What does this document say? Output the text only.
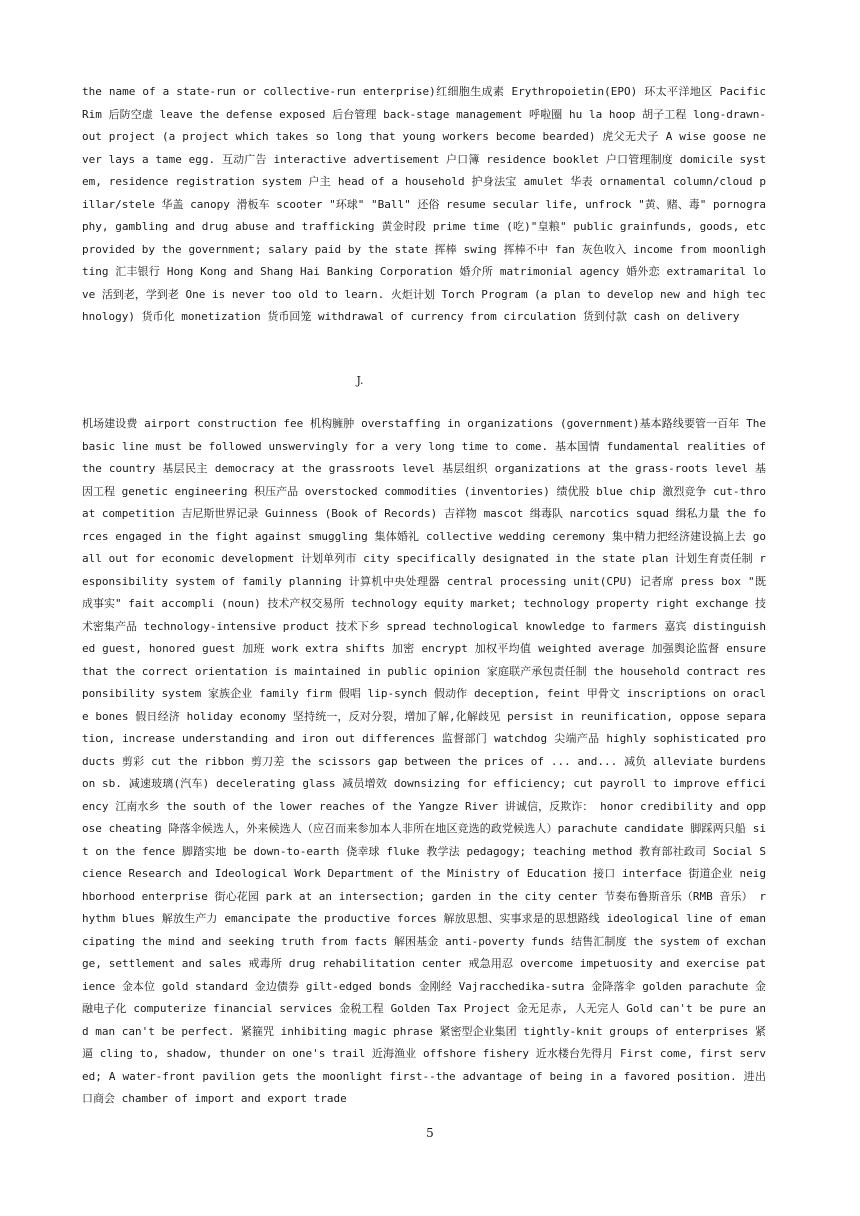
the name of a state-run or collective-run enterprise)红细胞生成素 Erythropoietin(EPO) 环太平洋地区 Pacific Rim 后防空虚 leave the defense exposed 后台管理 back-stage management 呼啦圈 hu la hoop 胡子工程 long-drawn-out project (a project which takes so long that young workers become bearded) 虎父无犬子 A wise goose never lays a tame egg. 互动广告 interactive advertisement 户口簿 residence booklet 户口管理制度 domicile system, residence registration system 户主 head of a household 护身法宝 amulet 华表 ornamental column/cloud pillar/stele 华盖 canopy 滑板车 scooter "环球" "Ball" 还俗 resume secular life, unfrock "黄、赌、毒" pornography, gambling and drug abuse and trafficking 黄金时段 prime time (吃)"皇粮" public grainfunds, goods, etc provided by the government; salary paid by the state 挥棒 swing 挥棒不中 fan 灰色收入 income from moonlighting 汇丰银行 Hong Kong and Shang Hai Banking Corporation 婚介所 matrimonial agency 婚外恋 extramarital love 活到老，学到老 One is never too old to learn. 火炬计划 Torch Program (a plan to develop new and high technology) 货币化 monetization 货币回笼 withdrawal of currency from circulation 货到付款 cash on delivery
J.
机场建设费 airport construction fee 机构臃肿 overstaffing in organizations (government)基本路线要管一百年 The basic line must be followed unswervingly for a very long time to come. 基本国情 fundamental realities of the country 基层民主 democracy at the grassroots level 基层组织 organizations at the grass-roots level 基因工程 genetic engineering 积压产品 overstocked commodities (inventories) 绩优股 blue chip 激烈竞争 cut-throat competition 吉尼斯世界记录 Guinness (Book of Records) 吉祥物 mascot 缉毒队 narcotics squad 缉私力量 the forces engaged in the fight against smuggling 集体婚礼 collective wedding ceremony 集中精力把经济建设搞上去 go all out for economic development 计划单列市 city specifically designated in the state plan 计划生育责任制 responsibility system of family planning 计算机中央处理器 central processing unit(CPU) 记者席 press box "既成事实" fait accompli (noun) 技术产权交易所 technology equity market; technology property right exchange 技术密集产品 technology-intensive product 技术下乡 spread technological knowledge to farmers 嘉宾 distinguished guest, honored guest 加班 work extra shifts 加密 encrypt 加权平均值 weighted average 加强舆论监督 ensure that the correct orientation is maintained in public opinion 家庭联产承包责任制 the household contract responsibility system 家族企业 family firm 假唱 lip-synch 假动作 deception, feint 甲骨文 inscriptions on oracle bones 假日经济 holiday economy 坚持统一，反对分裂，增加了解,化解歧见 persist in reunification, oppose separation, increase understanding and iron out differences 监督部门 watchdog 尖端产品 highly sophisticated products 剪彩 cut the ribbon 剪刀差 the scissors gap between the prices of ... and... 减负 alleviate burdens on sb. 减速玻璃(汽车) decelerating glass 减员增效 downsizing for efficiency; cut payroll to improve efficiency 江南水乡 the south of the lower reaches of the Yangze River 讲诚信，反欺诈： honor credibility and oppose cheating 降落伞候选人，外来候选人（应召而来参加本人非所在地区竞选的政党候选人）parachute candidate 脚踩两只船 sit on the fence 脚踏实地 be down-to-earth 侥幸球 fluke 教学法 pedagogy; teaching method 教育部社政司 Social Science Research and Ideological Work Department of the Ministry of Education 接口 interface 街道企业 neighborhood enterprise 街心花园 park at an intersection; garden in the city center 节奏布鲁斯音乐（RMB 音乐） rhythm blues 解放生产力 emancipate the productive forces 解放思想、实事求是的思想路线 ideological line of emancipating the mind and seeking truth from facts 解困基金 anti-poverty funds 结售汇制度 the system of exchange, settlement and sales 戒毒所 drug rehabilitation center 戒急用忍 overcome impetuosity and exercise patience 金本位 gold standard 金边债券 gilt-edged bonds 金刚经 Vajracchedika-sutra 金降落伞 golden parachute 金融电子化 computerize financial services 金税工程 Golden Tax Project 金无足赤, 人无完人 Gold can't be pure and man can't be perfect. 紧箍咒 inhibiting magic phrase 紧密型企业集团 tightly-knit groups of enterprises 紧逼 cling to, shadow, thunder on one's trail 近海渔业 offshore fishery 近水楼台先得月 First come, first served; A water-front pavilion gets the moonlight first--the advantage of being in a favored position. 进出口商会 chamber of import and export trade
5
